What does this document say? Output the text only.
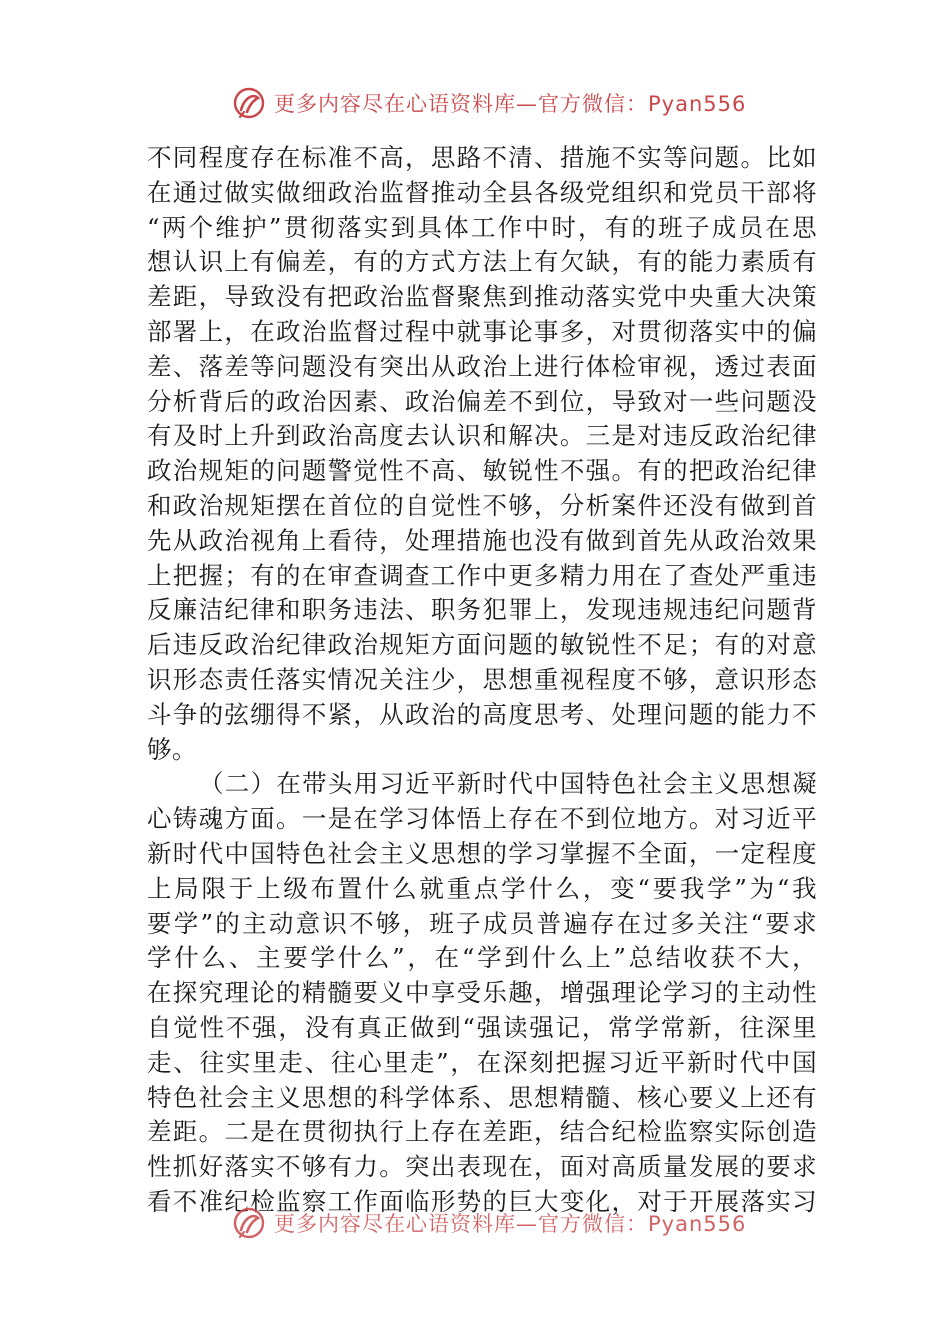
更多内容尽在心语资料库—官方微信：Pyan556
不同程度存在标准不高，思路不清、措施不实等问题。比如
在通过做实做细政治监督推动全县各级党组织和党员干部将
“两个维护”贯彻落实到具体工作中时，有的班子成员在思
想认识上有偏差，有的方式方法上有欠缺，有的能力素质有
差距，导致没有把政治监督聚焦到推动落实党中央重大决策
部署上，在政治监督过程中就事论事多，对贯彻落实中的偏
差、落差等问题没有突出从政治上进行体检审视，透过表面
分析背后的政治因素、政治偏差不到位，导致对一些问题没
有及时上升到政治高度去认识和解决。三是对违反政治纪律
政治规矩的问题警觉性不高、敏锐性不强。有的把政治纪律
和政治规矩摆在首位的自觉性不够，分析案件还没有做到首
先从政治视角上看待，处理措施也没有做到首先从政治效果
上把握；有的在审查调查工作中更多精力用在了查处严重违
反廉洁纪律和职务违法、职务犯罪上，发现违规违纪问题背
后违反政治纪律政治规矩方面问题的敏锐性不足；有的对意
识形态责任落实情况关注少，思想重视程度不够，意识形态
斗争的弦绷得不紧，从政治的高度思考、处理问题的能力不
够。
（二）在带头用习近平新时代中国特色社会主义思想凝
心铸魂方面。一是在学习体悟上存在不到位地方。对习近平
新时代中国特色社会主义思想的学习掌握不全面，一定程度
上局限于上级布置什么就重点学什么，变“要我学”为“我
要学”的主动意识不够，班子成员普遍存在过多关注“要求
学什么、主要学什么”，在“学到什么上”总结收获不大，
在探究理论的精髓要义中享受乐趣，增强理论学习的主动性
自觉性不强，没有真正做到“强读强记，常学常新，往深里
走、往实里走、往心里走”，在深刻把握习近平新时代中国
特色社会主义思想的科学体系、思想精髓、核心要义上还有
差距。二是在贯彻执行上存在差距，结合纪检监察实际创造
性抓好落实不够有力。突出表现在，面对高质量发展的要求
看不准纪检监察工作面临形势的巨大变化，对于开展落实习
更多内容尽在心语资料库—官方微信：Pyan556
